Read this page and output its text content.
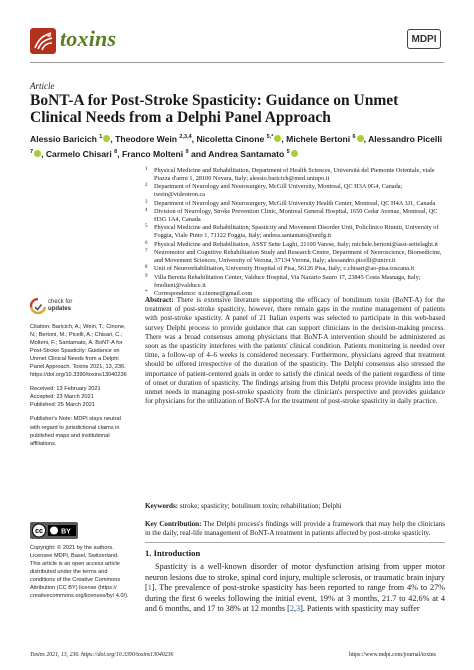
toxins	MDPI
Article
BoNT-A for Post-Stroke Spasticity: Guidance on Unmet Clinical Needs from a Delphi Panel Approach
Alessio Baricich $^1$ , Theodore Wein $^{2,3,4}$, Nicoletta Cinone $^{5,*}$ , Michele Bertoni $^6$ , Alessandro Picelli $^7$ , Carmelo Chisari $^8$, Franco Molteni $^9$ and Andrea Santamato $^5$
1	Physical Medicine and Rehabilitation, Department of Health Sciences, Università del Piemonte Orientale, viale Piazza d'armi 1, 28100 Novara, Italy; alessio.baricich@med.uniupo.it
2	Department of Neurology and Neurosurgery, McGill University, Montreal, QC H3A 0G4, Canada; twein@videotron.ca
3	Department of Neurology and Neurosurgery, McGill University Health Center, Montreal, QC H4A 3J1, Canada
4	Division of Neurology, Stroke Prevention Clinic, Montreal General Hospital, 1650 Cedar Avenue, Montreal, QC H3G 1A4, Canada
5	Physical Medicine and Rehabilitation, Spasticity and Movement Disorder Unit, Policlinico Riuniti, University of Foggia, Viale Pinto 1, 71122 Foggia, Italy; andrea.santamato@unifg.it
6	Physical Medicine and Rehabilitation, ASST Sette Laghi, 21100 Varese, Italy; michele.bertoni@asst-settelaghi.it
7	Neuromotor and Cognitive Rehabilitation Study and Research Centre, Department of Neuroscience, Biomedicine, and Movement Sciences, University of Verona, 37134 Verona, Italy; alessandro.picelli@univr.it
8	Unit of Neurorehabilitation, University Hospital of Pisa, 56126 Pisa, Italy; c.chisari@ao-pisa.toscana.it
9	Villa Beretta Rehabilitation Center, Valduce Hospital, Via Nazario Sauro 17, 23845 Costa Masnaga, Italy; fmolteni@valduce.it
*	Correspondence: n.cinone@gmail.com
check for
updates

Citation: Baricich, A.; Wein, T.; Cinone, N.; Bertoni, M.; Picelli, A.; Chisari, C.; Molteni, F.; Santamato, A. BoNT-A for Post-Stroke Spasticity: Guidance on Unmet Clinical Needs from a Delphi Panel Approach. Toxins 2021, 13, 236. https://doi.org/10.3390/toxins13040236

Received: 13 February 2021

Accepted: 23 March 2021

Published: 25 March 2021

Publisher's Note: MDPI stays neutral with regard to jurisdictional claims in published maps and institutional affiliations.

cc	BY
Copyright: © 2021 by the authors. Licensee MDPI, Basel, Switzerland. This article is an open access article distributed under the terms and conditions of the Creative Commons Attribution (CC BY) license (https:// creativecommons.org/licenses/by/ 4.0/).
Abstract: There is extensive literature supporting the efficacy of botulinum toxin (BoNT-A) for the treatment of post-stroke spasticity, however, there remain gaps in the routine management of patients with post-stroke spasticity. A panel of 21 Italian experts was selected to participate in this web-based survey Delphi process to provide guidance that can support clinicians in the decision-making process. There was a broad consensus among physicians that BoNT-A intervention should be administered as soon as the spasticity interferes with the patients' clinical condition. Patients monitoring is needed over time, a follow-up of 4–6 weeks is considered necessary. Furthermore, physicians agreed that treatment should be offered irrespective of the duration of the spasticity. The Delphi consensus also stressed the importance of patient-centered goals in order to satisfy the clinical needs of the patient regardless of time of onset or duration of spasticity. The findings arising from this Delphi process provide insights into the unmet needs in managing post-stroke spasticity from the clinician's perspective and provides guidance for physicians for the utilization of BoNT-A for the treatment of post-stroke spasticity in daily practice.
Keywords: stroke; spasticity; botulinum toxin; rehabilitation; Delphi
Key Contribution: The Delphi process's findings will provide a framework that may help the clinicians in the daily, real-life management of BoNT-A treatment in patients affected by post-stroke spasticity.
1. Introduction
Spasticity is a well-known disorder of motor dysfunction arising from upper motor neuron lesions due to stroke, spinal cord injury, multiple sclerosis, or traumatic brain injury [1]. The prevalence of post-stroke spasticity has been reported to range from 4% to 27% during the first 6 weeks following the initial event, 19% at 3 months, 21.7 to 42.6% at 4 and 6 months, and 17 to 38% at 12 months [2,3]. Patients with spasticity may suffer
Toxins 2021, 13, 236. https://doi.org/10.3390/toxins13040236	https://www.mdpi.com/journal/toxins
